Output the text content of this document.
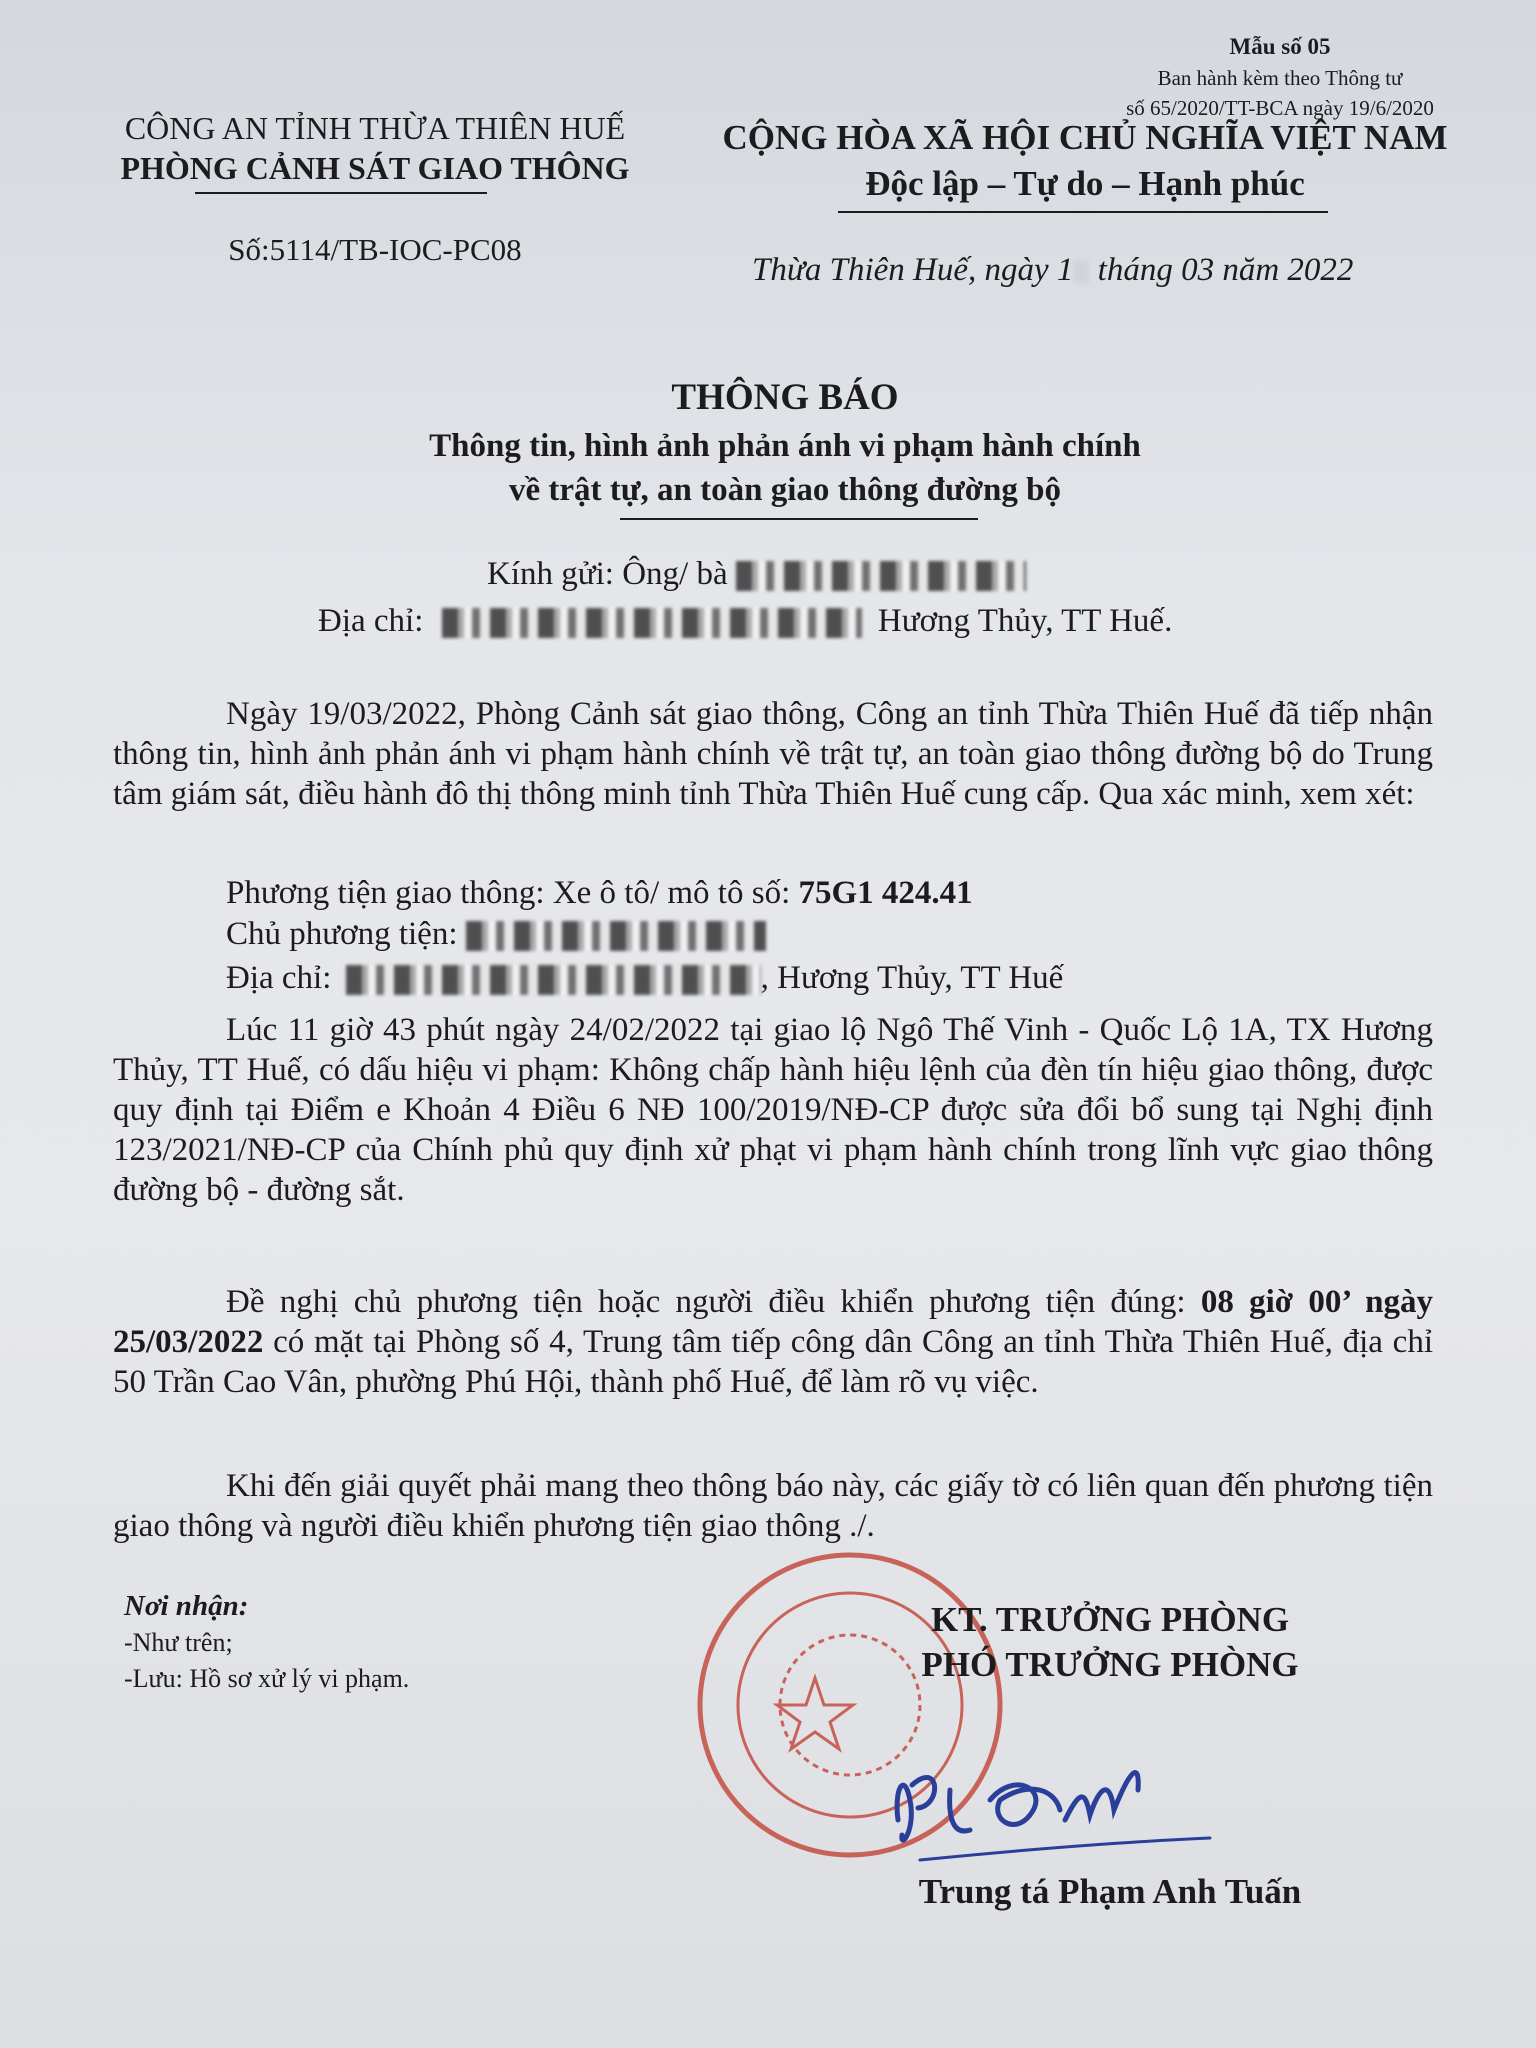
Mẫu số 05
Ban hành kèm theo Thông tư
số 65/2020/TT-BCA ngày 19/6/2020
CÔNG AN TỈNH THỪA THIÊN HUẾ
PHÒNG CẢNH SÁT GIAO THÔNG
Số:5114/TB-IOC-PC08
CỘNG HÒA XÃ HỘI CHỦ NGHĨA VIỆT NAM
Độc lập – Tự do – Hạnh phúc
Thừa Thiên Huế, ngày 1 tháng 03 năm 2022
THÔNG BÁO
Thông tin, hình ảnh phản ánh vi phạm hành chính
về trật tự, an toàn giao thông đường bộ
Kính gửi: Ông/ bà
Địa chỉ:	Hương Thủy, TT Huế.

Ngày 19/03/2022, Phòng Cảnh sát giao thông, Công an tỉnh Thừa Thiên Huế đã tiếp nhận thông tin, hình ảnh phản ánh vi phạm hành chính về trật tự, an toàn giao thông đường bộ do Trung tâm giám sát, điều hành đô thị thông minh tỉnh Thừa Thiên Huế cung cấp. Qua xác minh, xem xét:

Phương tiện giao thông: Xe ô tô/ mô tô số: 75G1 424.41
Chủ phương tiện:
Địa chỉ:	, Hương Thủy, TT Huế

Lúc 11 giờ 43 phút ngày 24/02/2022 tại giao lộ Ngô Thế Vinh - Quốc Lộ 1A, TX Hương Thủy, TT Huế, có dấu hiệu vi phạm: Không chấp hành hiệu lệnh của đèn tín hiệu giao thông, được quy định tại Điểm e Khoản 4 Điều 6 NĐ 100/2019/NĐ-CP được sửa đổi bổ sung tại Nghị định 123/2021/NĐ-CP của Chính phủ quy định xử phạt vi phạm hành chính trong lĩnh vực giao thông đường bộ - đường sắt.

Đề nghị chủ phương tiện hoặc người điều khiển phương tiện đúng: 08 giờ 00’ ngày 25/03/2022 có mặt tại Phòng số 4, Trung tâm tiếp công dân Công an tỉnh Thừa Thiên Huế, địa chỉ 50 Trần Cao Vân, phường Phú Hội, thành phố Huế, để làm rõ vụ việc.

Khi đến giải quyết phải mang theo thông báo này, các giấy tờ có liên quan đến phương tiện giao thông và người điều khiển phương tiện giao thông ./.

Nơi nhận:
-Như trên;
-Lưu: Hồ sơ xử lý vi phạm.
KT. TRƯỞNG PHÒNG
PHÓ TRƯỞNG PHÒNG
Trung tá Phạm Anh Tuấn
